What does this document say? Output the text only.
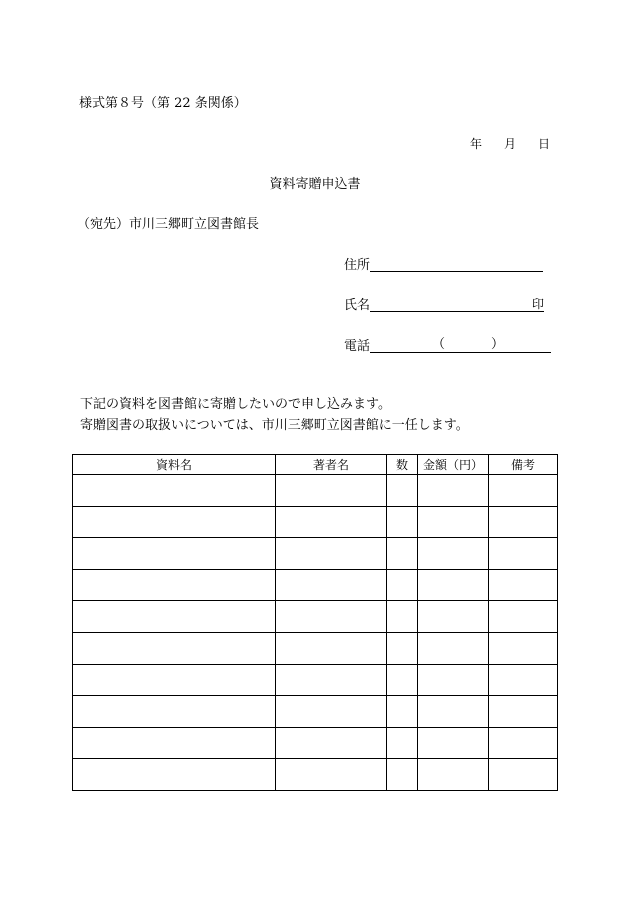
様式第８号（第 22 条関係）
年 月 日
資料寄贈申込書
（宛先）市川三郷町立図書館長
住所
氏名	印
電話	（	）
下記の資料を図書館に寄贈したいので申し込みます。
寄贈図書の取扱いについては、市川三郷町立図書館に一任します。
資料名	著者名	数	金額（円）	備考
